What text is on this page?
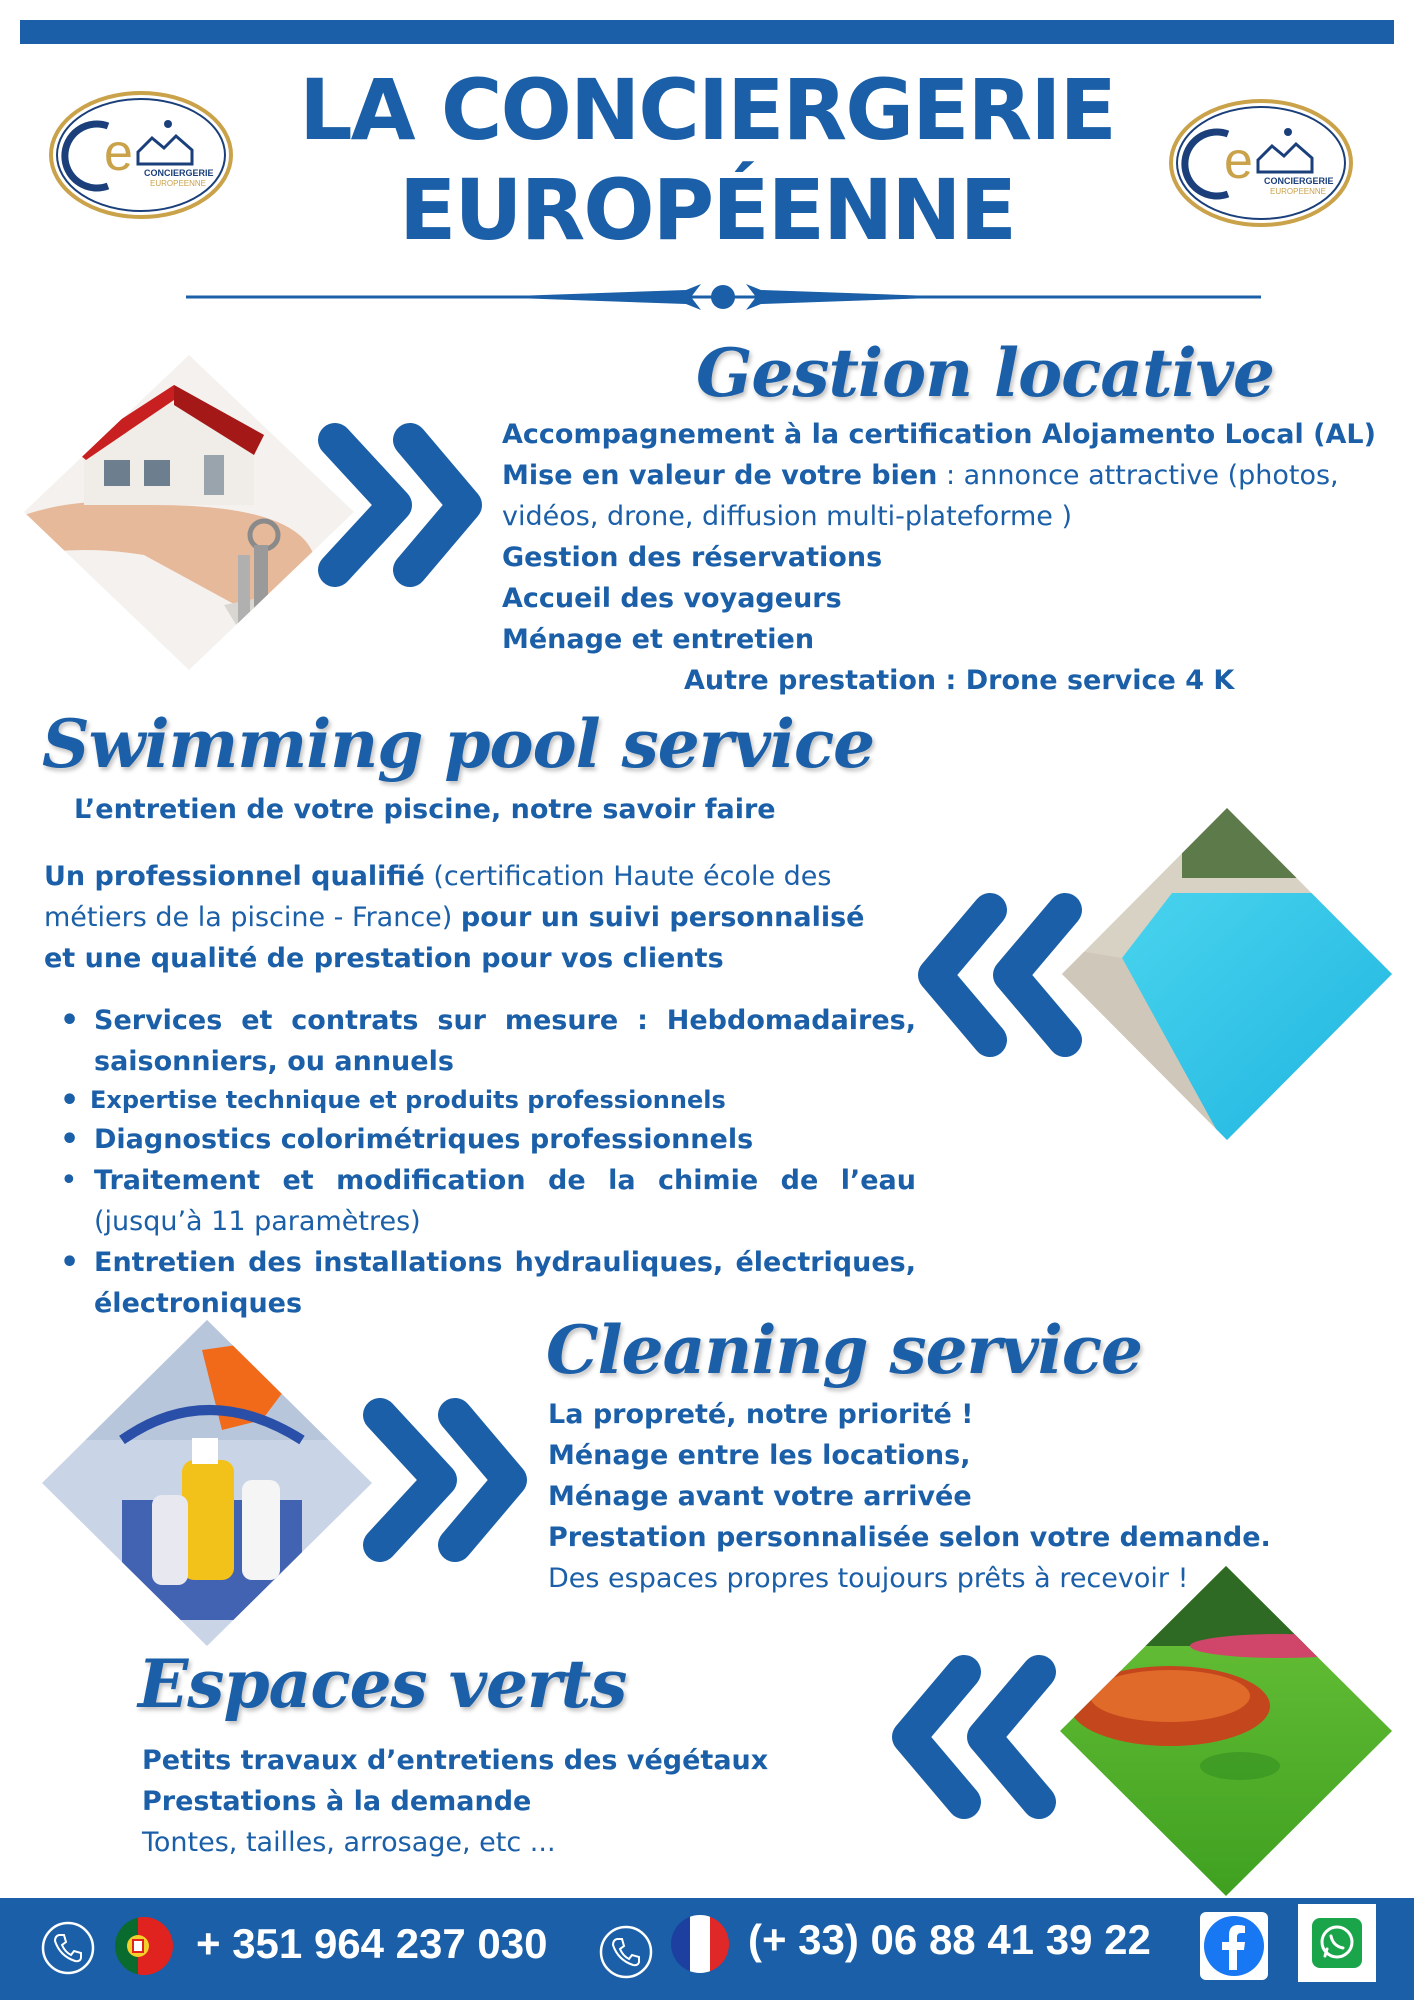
e CONCIERGERIE
EUROPEENNE	e CONCIERGERIE
EUROPEENNE
LA CONCIERGERIE
EUROPÉENNE
Gestion locative
Accompagnement à la certification Alojamento Local (AL)
Mise en valeur de votre bien : annonce attractive (photos,
vidéos, drone, diffusion multi-plateforme )
Gestion des réservations
Accueil des voyageurs
Ménage et entretien
Autre prestation : Drone service 4 K
Swimming pool service
L’entretien de votre piscine, notre savoir faire
Un professionnel qualifié (certification Haute école des
métiers de la piscine - France) pour un suivi personnalisé
et une qualité de prestation pour vos clients
• Services et contrats sur mesure : Hebdomadaires, saisonniers, ou annuels
• Expertise technique et produits professionnels
• Diagnostics colorimétriques professionnels
• Traitement et modification de la chimie de l’eau (jusqu’à 11 paramètres)
• Entretien des installations hydrauliques, électriques, électroniques
Cleaning service
La propreté, notre priorité !
Ménage entre les locations,
Ménage avant votre arrivée
Prestation personnalisée selon votre demande.
Des espaces propres toujours prêts à recevoir !
Espaces verts
Petits travaux d’entretiens des végétaux
Prestations à la demande
Tontes, tailles, arrosage, etc ...
+ 351 964 237 030	(+ 33) 06 88 41 39 22
